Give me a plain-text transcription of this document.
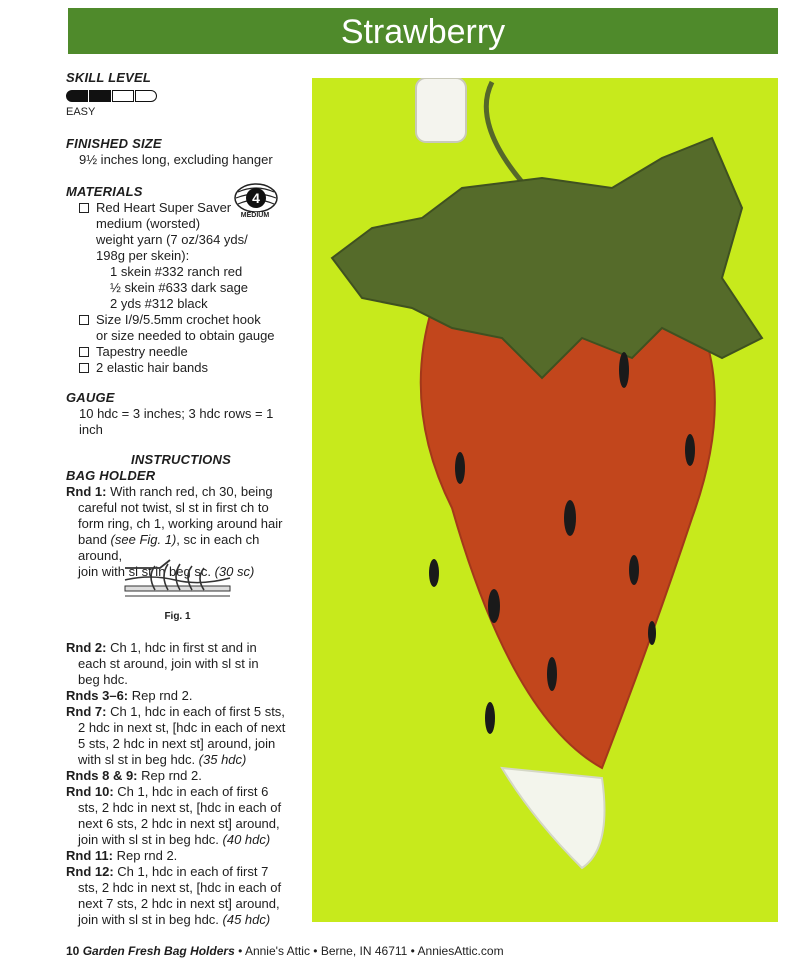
Strawberry

SKILL LEVEL

EASY

FINISHED SIZE

9½ inches long, excluding hanger

MATERIALS

Red Heart Super Saver
medium (worsted)
weight yarn (7 oz/364 yds/
198g per skein):
1 skein #332 ranch red
½ skein #633 dark sage
2 yds #312 black
Size I/9/5.5mm crochet hook
or size needed to obtain gauge
Tapestry needle
2 elastic hair bands

GAUGE

10 hdc = 3 inches; 3 hdc rows = 1 inch

INSTRUCTIONS

BAG HOLDER

Rnd 1: With ranch red, ch 30, being
careful not twist, sl st in first ch to
form ring, ch 1, working around hair
band (see Fig. 1), sc in each ch around,
join with sl st in beg sc. (30 sc)
4
MEDIUM
Fig. 1
Rnd 2: Ch 1, hdc in first st and in
each st around, join with sl st in
beg hdc.
Rnds 3–6: Rep rnd 2.
Rnd 7: Ch 1, hdc in each of first 5 sts,
2 hdc in next st, [hdc in each of next
5 sts, 2 hdc in next st] around, join
with sl st in beg hdc. (35 hdc)
Rnds 8 & 9: Rep rnd 2.
Rnd 10: Ch 1, hdc in each of first 6
sts, 2 hdc in next st, [hdc in each of
next 6 sts, 2 hdc in next st] around,
join with sl st in beg hdc. (40 hdc)
Rnd 11: Rep rnd 2.
Rnd 12: Ch 1, hdc in each of first 7
sts, 2 hdc in next st, [hdc in each of
next 7 sts, 2 hdc in next st] around,
join with sl st in beg hdc. (45 hdc)
10 Garden Fresh Bag Holders • Annie's Attic • Berne, IN 46711 • AnniesAttic.com
